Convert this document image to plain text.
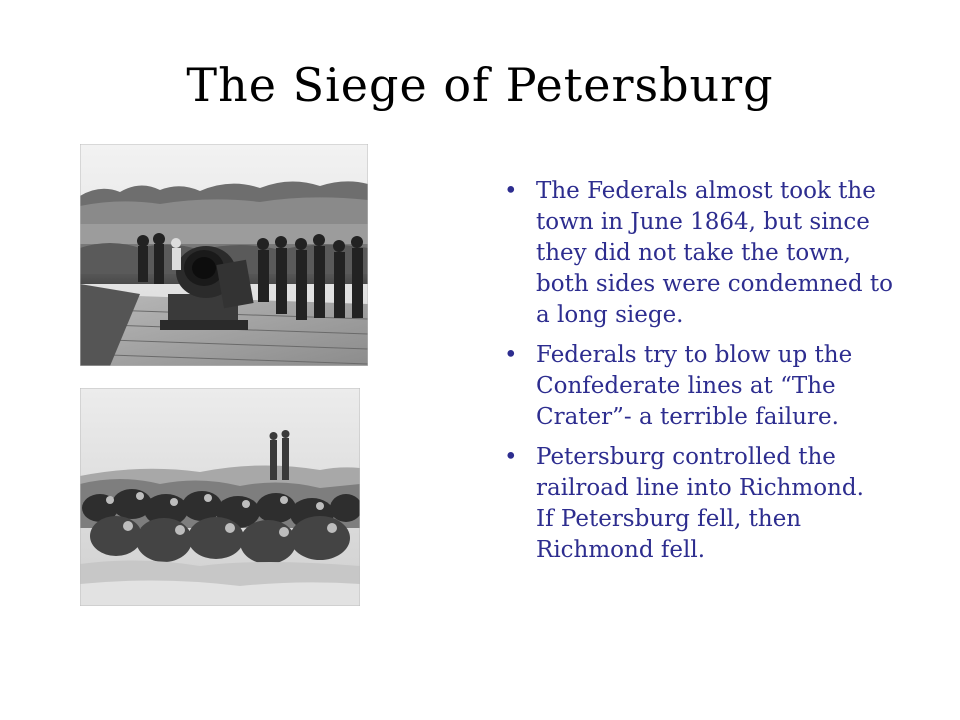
The Siege of Petersburg
• The Federals almost took the town in June 1864, but since they did not take the town, both sides were condemned to a long siege.
• Federals try to blow up the Confederate lines at “The Crater”- a terrible failure.
• Petersburg controlled the railroad line into Richmond.     If Petersburg fell, then Richmond fell.
